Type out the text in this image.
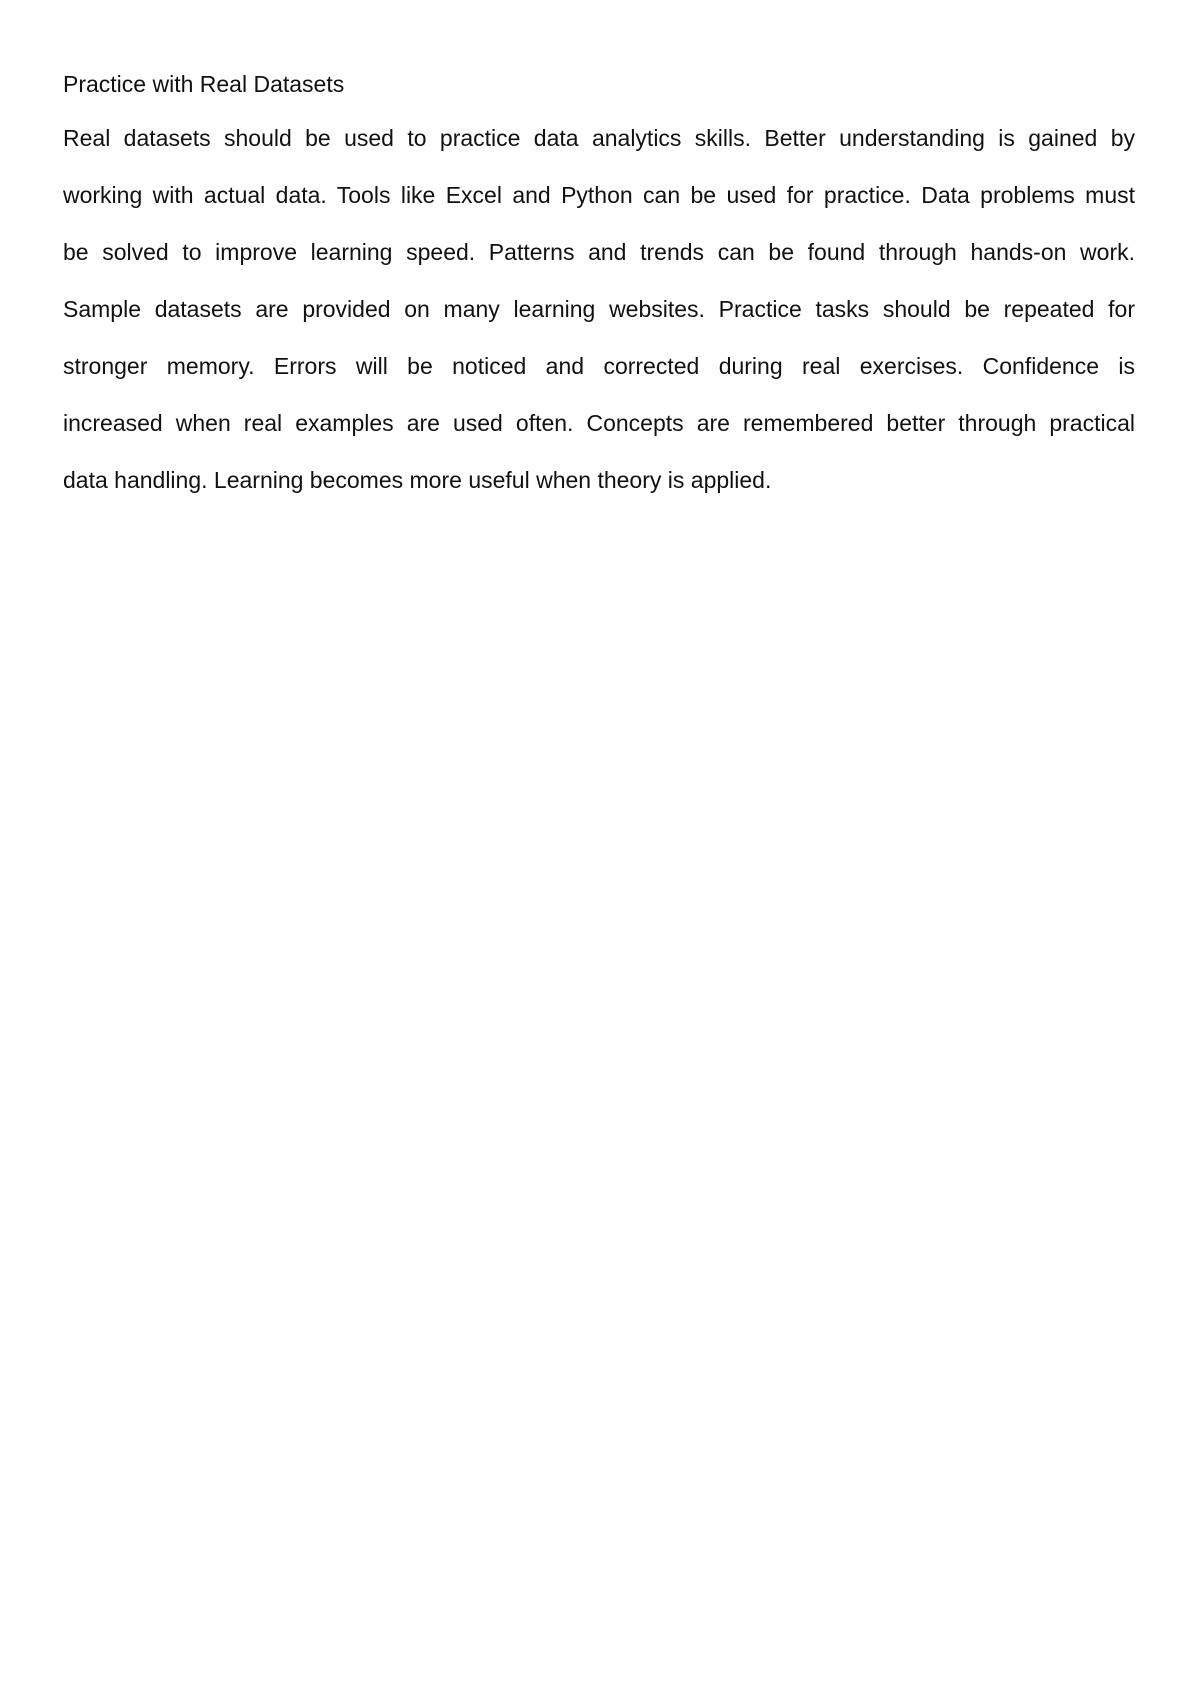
Practice with Real Datasets
Real datasets should be used to practice data analytics skills. Better understanding is gained by
working with actual data. Tools like Excel and Python can be used for practice. Data problems must
be solved to improve learning speed. Patterns and trends can be found through hands-on work.
Sample datasets are provided on many learning websites. Practice tasks should be repeated for
stronger memory. Errors will be noticed and corrected during real exercises. Confidence is
increased when real examples are used often. Concepts are remembered better through practical
data handling. Learning becomes more useful when theory is applied.
